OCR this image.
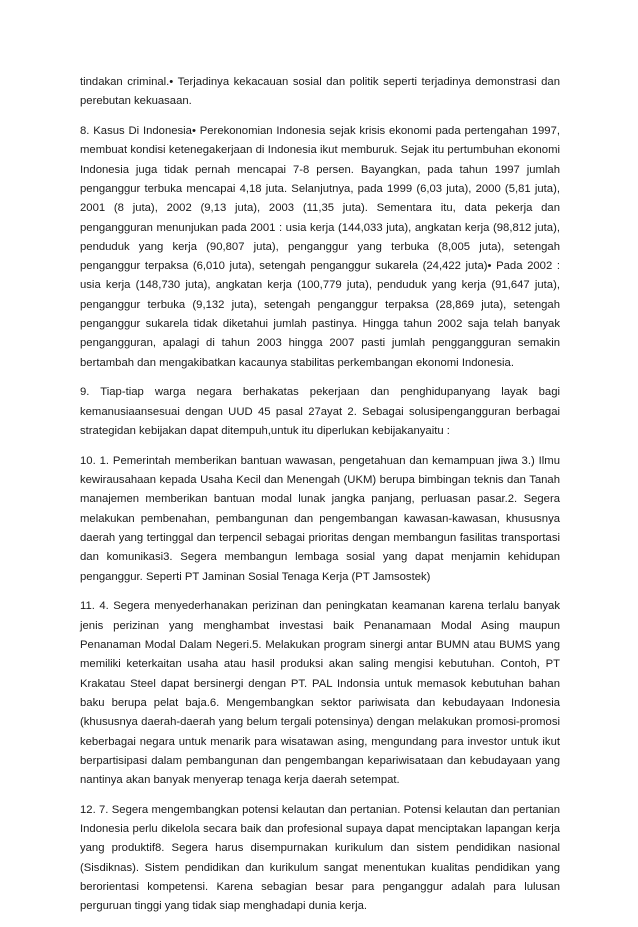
tindakan criminal.• Terjadinya kekacauan sosial dan politik seperti terjadinya demonstrasi dan perebutan kekuasaan.

8. Kasus Di Indonesia• Perekonomian Indonesia sejak krisis ekonomi pada pertengahan 1997, membuat kondisi ketenegakerjaan di Indonesia ikut memburuk. Sejak itu pertumbuhan ekonomi Indonesia juga tidak pernah mencapai 7-8 persen. Bayangkan, pada tahun 1997 jumlah penganggur terbuka mencapai 4,18 juta. Selanjutnya, pada 1999 (6,03 juta), 2000 (5,81 juta), 2001 (8 juta), 2002 (9,13 juta), 2003 (11,35 juta). Sementara itu, data pekerja dan pengangguran menunjukan pada 2001 : usia kerja (144,033 juta), angkatan kerja (98,812 juta), penduduk yang kerja (90,807 juta), penganggur yang terbuka (8,005 juta), setengah penganggur terpaksa (6,010 juta), setengah penganggur sukarela (24,422 juta)• Pada 2002 : usia kerja (148,730 juta), angkatan kerja (100,779 juta), penduduk yang kerja (91,647 juta), penganggur terbuka (9,132 juta), setengah penganggur terpaksa (28,869 juta), setengah penganggur sukarela tidak diketahui jumlah pastinya. Hingga tahun 2002 saja telah banyak pengangguran, apalagi di tahun 2003 hingga 2007 pasti jumlah penggangguran semakin bertambah dan mengakibatkan kacaunya stabilitas perkembangan ekonomi Indonesia.

9. Tiap-tiap warga negara berhakatas pekerjaan dan penghidupanyang layak bagi kemanusiaansesuai dengan UUD 45 pasal 27ayat 2. Sebagai solusipengangguran berbagai strategidan kebijakan dapat ditempuh,untuk itu diperlukan kebijakanyaitu :

10. 1. Pemerintah memberikan bantuan wawasan, pengetahuan dan kemampuan jiwa 3.) Ilmu kewirausahaan kepada Usaha Kecil dan Menengah (UKM) berupa bimbingan teknis dan Tanah manajemen memberikan bantuan modal lunak jangka panjang, perluasan pasar.2. Segera melakukan pembenahan, pembangunan dan pengembangan kawasan-kawasan, khususnya daerah yang tertinggal dan terpencil sebagai prioritas dengan membangun fasilitas transportasi dan komunikasi3. Segera membangun lembaga sosial yang dapat menjamin kehidupan penganggur. Seperti PT Jaminan Sosial Tenaga Kerja (PT Jamsostek)

11. 4. Segera menyederhanakan perizinan dan peningkatan keamanan karena terlalu banyak jenis perizinan yang menghambat investasi baik Penanamaan Modal Asing maupun Penanaman Modal Dalam Negeri.5. Melakukan program sinergi antar BUMN atau BUMS yang memiliki keterkaitan usaha atau hasil produksi akan saling mengisi kebutuhan. Contoh, PT Krakatau Steel dapat bersinergi dengan PT. PAL Indonsia untuk memasok kebutuhan bahan baku berupa pelat baja.6. Mengembangkan sektor pariwisata dan kebudayaan Indonesia (khususnya daerah-daerah yang belum tergali potensinya) dengan melakukan promosi-promosi keberbagai negara untuk menarik para wisatawan asing, mengundang para investor untuk ikut berpartisipasi dalam pembangunan dan pengembangan kepariwisataan dan kebudayaan yang nantinya akan banyak menyerap tenaga kerja daerah setempat.

12. 7. Segera mengembangkan potensi kelautan dan pertanian. Potensi kelautan dan pertanian Indonesia perlu dikelola secara baik dan profesional supaya dapat menciptakan lapangan kerja yang produktif8. Segera harus disempurnakan kurikulum dan sistem pendidikan nasional (Sisdiknas). Sistem pendidikan dan kurikulum sangat menentukan kualitas pendidikan yang berorientasi kompetensi. Karena sebagian besar para penganggur adalah para lulusan perguruan tinggi yang tidak siap menghadapi dunia kerja.
